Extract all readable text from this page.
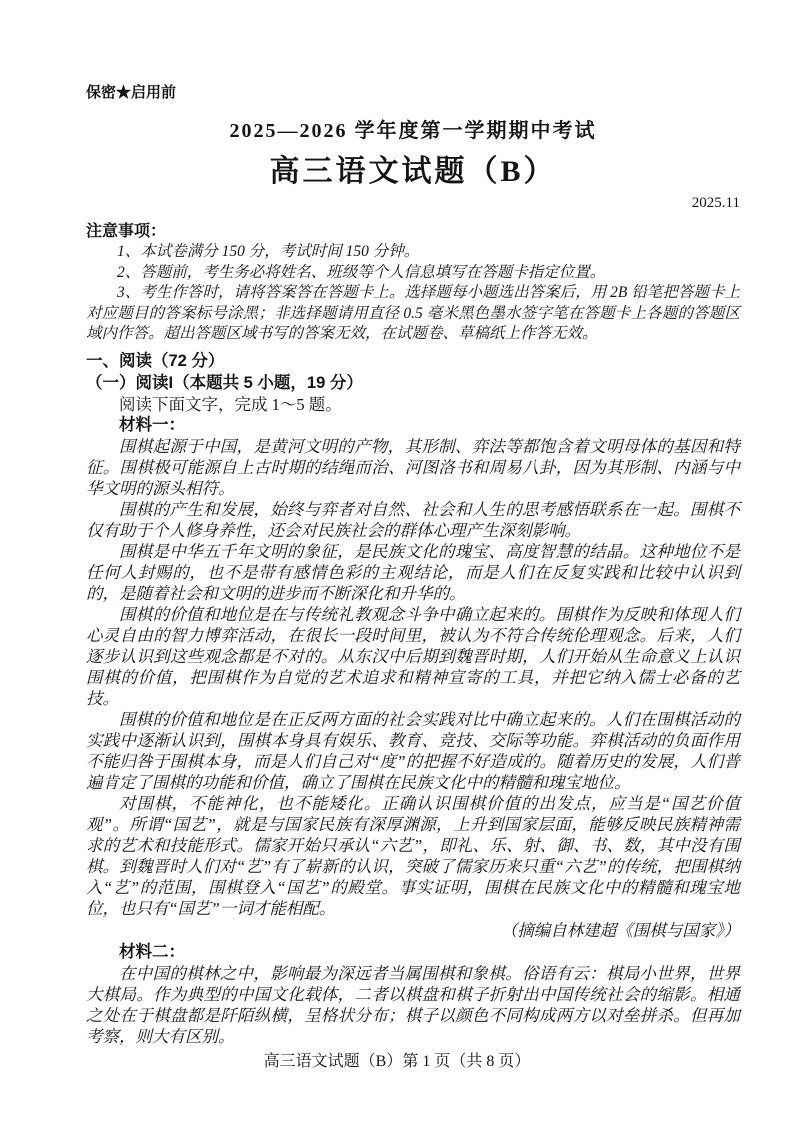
保密★启用前
2025—2026 学年度第一学期期中考试
高三语文试题（B）
2025.11
注意事项：

1、本试卷满分 150 分，考试时间 150 分钟。

2、答题前，考生务必将姓名、班级等个人信息填写在答题卡指定位置。

3、考生作答时，请将答案答在答题卡上。选择题每小题选出答案后，用 2B 铅笔把答题卡上对应题目的答案标号涂黑；非选择题请用直径 0.5 毫米黑色墨水签字笔在答题卡上各题的答题区域内作答。超出答题区域书写的答案无效，在试题卷、草稿纸上作答无效。

一、阅读（72 分）
（一）阅读I（本题共 5 小题，19 分）

阅读下面文字，完成 1～5 题。

材料一：

围棋起源于中国，是黄河文明的产物，其形制、弈法等都饱含着文明母体的基因和特征。围棋极可能源自上古时期的结绳而治、河图洛书和周易八卦，因为其形制、内涵与中华文明的源头相符。

围棋的产生和发展，始终与弈者对自然、社会和人生的思考感悟联系在一起。围棋不仅有助于个人修身养性，还会对民族社会的群体心理产生深刻影响。

围棋是中华五千年文明的象征，是民族文化的瑰宝、高度智慧的结晶。这种地位不是任何人封赐的，也不是带有感情色彩的主观结论，而是人们在反复实践和比较中认识到的，是随着社会和文明的进步而不断深化和升华的。

围棋的价值和地位是在与传统礼教观念斗争中确立起来的。围棋作为反映和体现人们心灵自由的智力博弈活动，在很长一段时间里，被认为不符合传统伦理观念。后来，人们逐步认识到这些观念都是不对的。从东汉中后期到魏晋时期，人们开始从生命意义上认识围棋的价值，把围棋作为自觉的艺术追求和精神宣寄的工具，并把它纳入儒士必备的艺技。

围棋的价值和地位是在正反两方面的社会实践对比中确立起来的。人们在围棋活动的实践中逐渐认识到，围棋本身具有娱乐、教育、竞技、交际等功能。弈棋活动的负面作用不能归咎于围棋本身，而是人们自己对“度”的把握不好造成的。随着历史的发展，人们普遍肯定了围棋的功能和价值，确立了围棋在民族文化中的精髓和瑰宝地位。

对围棋，不能神化，也不能矮化。正确认识围棋价值的出发点，应当是“国艺价值观”。所谓“国艺”，就是与国家民族有深厚渊源，上升到国家层面，能够反映民族精神需求的艺术和技能形式。儒家开始只承认“六艺”，即礼、乐、射、御、书、数，其中没有围棋。到魏晋时人们对“艺”有了崭新的认识，突破了儒家历来只重“六艺”的传统，把围棋纳入“艺”的范围，围棋登入“国艺”的殿堂。事实证明，围棋在民族文化中的精髓和瑰宝地位，也只有“国艺”一词才能相配。

（摘编自林建超《围棋与国家》）
材料二：

在中国的棋林之中，影响最为深远者当属围棋和象棋。俗语有云：棋局小世界，世界大棋局。作为典型的中国文化载体，二者以棋盘和棋子折射出中国传统社会的缩影。相通之处在于棋盘都是阡陌纵横，呈格状分布；棋子以颜色不同构成两方以对垒拼杀。但再加考察，则大有区别。

高三语文试题（B）第 1 页（共 8 页）
